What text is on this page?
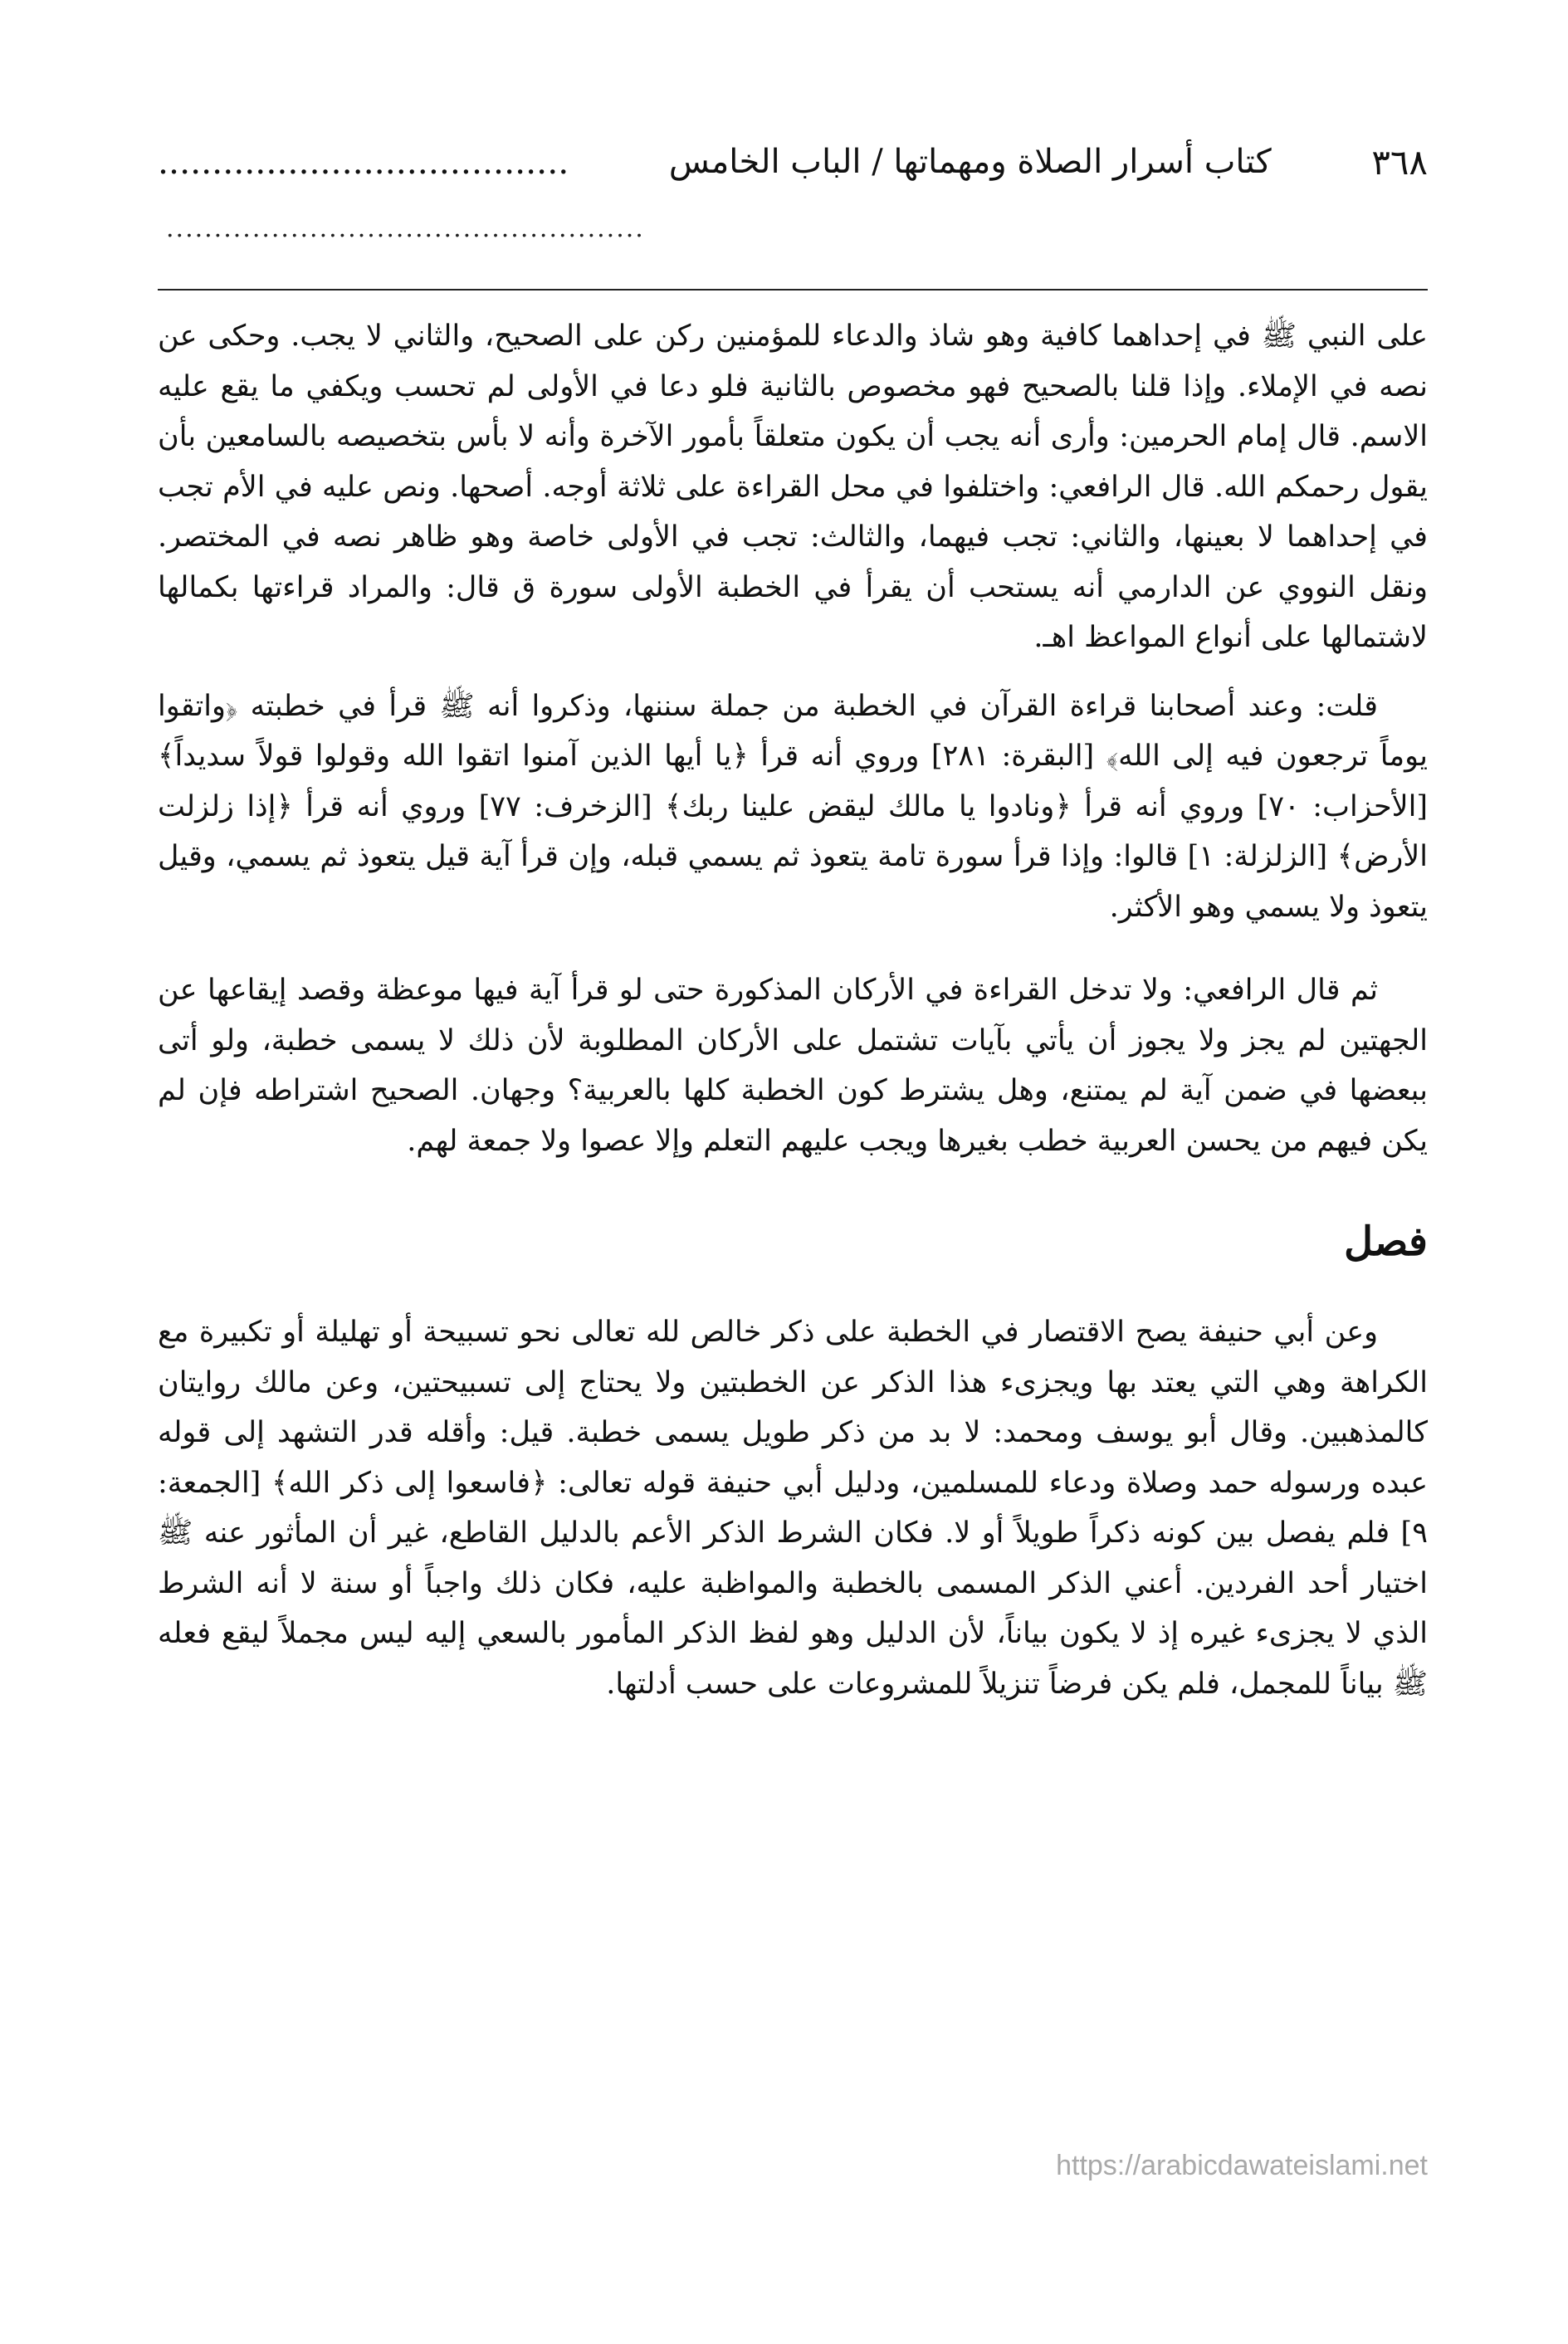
٣٦٨
كتاب أسرار الصلاة ومهماتها / الباب الخامس
......................................
..................................................

على النبي ﷺ في إحداهما كافية وهو شاذ والدعاء للمؤمنين ركن على الصحيح، والثاني لا يجب. وحكى عن نصه في الإملاء. وإذا قلنا بالصحيح فهو مخصوص بالثانية فلو دعا في الأولى لم تحسب ويكفي ما يقع عليه الاسم. قال إمام الحرمين: وأرى أنه يجب أن يكون متعلقاً بأمور الآخرة وأنه لا بأس بتخصيصه بالسامعين بأن يقول رحمكم الله. قال الرافعي: واختلفوا في محل القراءة على ثلاثة أوجه. أصحها. ونص عليه في الأم تجب في إحداهما لا بعينها، والثاني: تجب فيهما، والثالث: تجب في الأولى خاصة وهو ظاهر نصه في المختصر. ونقل النووي عن الدارمي أنه يستحب أن يقرأ في الخطبة الأولى سورة ق قال: والمراد قراءتها بكمالها لاشتمالها على أنواع المواعظ اهـ.

قلت: وعند أصحابنا قراءة القرآن في الخطبة من جملة سننها، وذكروا أنه ﷺ قرأ في خطبته ﴿واتقوا يوماً ترجعون فيه إلى الله﴾ [البقرة: ٢٨١] وروي أنه قرأ ﴿يا أيها الذين آمنوا اتقوا الله وقولوا قولاً سديداً﴾ [الأحزاب: ٧٠] وروي أنه قرأ ﴿ونادوا يا مالك ليقض علينا ربك﴾ [الزخرف: ٧٧] وروي أنه قرأ ﴿إذا زلزلت الأرض﴾ [الزلزلة: ١] قالوا: وإذا قرأ سورة تامة يتعوذ ثم يسمي قبله، وإن قرأ آية قيل يتعوذ ثم يسمي، وقيل يتعوذ ولا يسمي وهو الأكثر.

ثم قال الرافعي: ولا تدخل القراءة في الأركان المذكورة حتى لو قرأ آية فيها موعظة وقصد إيقاعها عن الجهتين لم يجز ولا يجوز أن يأتي بآيات تشتمل على الأركان المطلوبة لأن ذلك لا يسمى خطبة، ولو أتى ببعضها في ضمن آية لم يمتنع، وهل يشترط كون الخطبة كلها بالعربية؟ وجهان. الصحيح اشتراطه فإن لم يكن فيهم من يحسن العربية خطب بغيرها ويجب عليهم التعلم وإلا عصوا ولا جمعة لهم.

فصل

وعن أبي حنيفة يصح الاقتصار في الخطبة على ذكر خالص لله تعالى نحو تسبيحة أو تهليلة أو تكبيرة مع الكراهة وهي التي يعتد بها ويجزىء هذا الذكر عن الخطبتين ولا يحتاج إلى تسبيحتين، وعن مالك روايتان كالمذهبين. وقال أبو يوسف ومحمد: لا بد من ذكر طويل يسمى خطبة. قيل: وأقله قدر التشهد إلى قوله عبده ورسوله حمد وصلاة ودعاء للمسلمين، ودليل أبي حنيفة قوله تعالى: ﴿فاسعوا إلى ذكر الله﴾ [الجمعة: ٩] فلم يفصل بين كونه ذكراً طويلاً أو لا. فكان الشرط الذكر الأعم بالدليل القاطع، غير أن المأثور عنه ﷺ اختيار أحد الفردين. أعني الذكر المسمى بالخطبة والمواظبة عليه، فكان ذلك واجباً أو سنة لا أنه الشرط الذي لا يجزىء غيره إذ لا يكون بياناً، لأن الدليل وهو لفظ الذكر المأمور بالسعي إليه ليس مجملاً ليقع فعله ﷺ بياناً للمجمل، فلم يكن فرضاً تنزيلاً للمشروعات على حسب أدلتها.

https://arabicdawateislami.net
